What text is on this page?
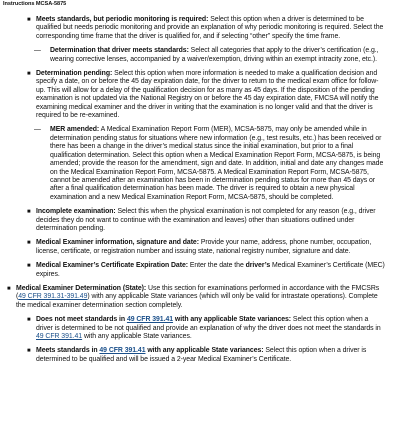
Instructions MCSA-5875
■ Meets standards, but periodic monitoring is required: Select this option when a driver is determined to be qualified but needs periodic monitoring and provide an explanation of why periodic monitoring is required. Select the corresponding time frame that the driver is qualified for, and if selecting “other” specify the time frame.

— Determination that driver meets standards: Select all categories that apply to the driver’s certification (e.g., wearing corrective lenses, accompanied by a waiver/exemption, driving within an exempt intracity zone, etc.).

■ Determination pending: Select this option when more information is needed to make a qualification decision and specify a date, on or before the 45 day expiration date, for the driver to return to the medical exam office for follow-up. This will allow for a delay of the qualification decision for as many as 45 days. If the disposition of the pending examination is not updated via the National Registry on or before the 45 day expiration date, FMCSA will notify the examining medical examiner and the driver in writing that the examination is no longer valid and that the driver is required to be re-examined.

— MER amended: A Medical Examination Report Form (MER), MCSA-5875, may only be amended while in determination pending status for situations where new information (e.g., test results, etc.) has been received or there has been a change in the driver’s medical status since the initial examination, but prior to a final qualification determination. Select this option when a Medical Examination Report Form, MCSA-5875, is being amended; provide the reason for the amendment, sign and date. In addition, initial and date any changes made on the Medical Examination Report Form, MCSA-5875. A Medical Examination Report Form, MCSA-5875, cannot be amended after an examination has been in determination pending status for more than 45 days or after a final qualification determination has been made. The driver is required to obtain a new physical examination and a new Medical Examination Report Form, MCSA-5875, should be completed.

■ Incomplete examination: Select this when the physical examination is not completed for any reason (e.g., driver decides they do not want to continue with the examination and leaves) other than situations outlined under determination pending.

■ Medical Examiner information, signature and date: Provide your name, address, phone number, occupation, license, certificate, or registration number and issuing state, national registry number, signature and date.

■ Medical Examiner’s Certificate Expiration Date: Enter the date the driver’s Medical Examiner’s Certificate (MEC) expires.

■ Medical Examiner Determination (State): Use this section for examinations performed in accordance with the FMCSRs (49 CFR 391.31-391.49) with any applicable State variances (which will only be valid for intrastate operations). Complete the medical examiner determination section completely.

■ Does not meet standards in 49 CFR 391.41 with any applicable State variances: Select this option when a driver is determined to be not qualified and provide an explanation of why the driver does not meet the standards in 49 CFR 391.41 with any applicable State variances.

■ Meets standards in 49 CFR 391.41 with any applicable State variances: Select this option when a driver is determined to be qualified and will be issued a 2-year Medical Examiner’s Certificate.
